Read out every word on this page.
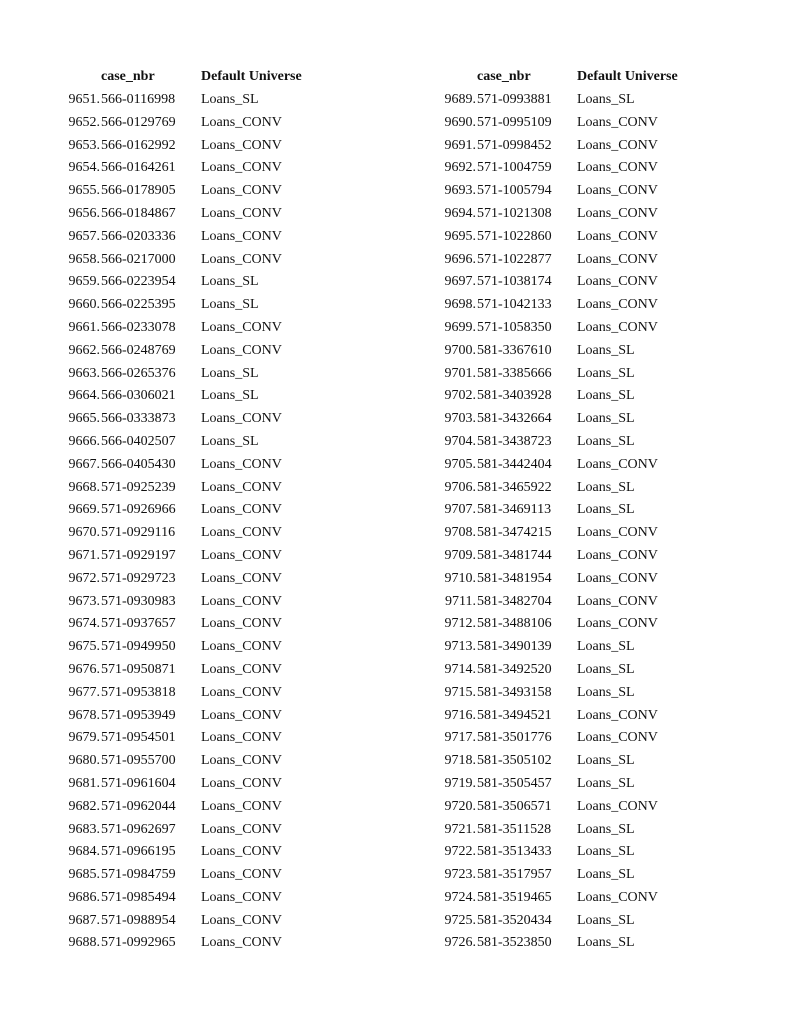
	case_nbr	Default Universe
9651.	566-0116998	Loans_SL
9652.	566-0129769	Loans_CONV
9653.	566-0162992	Loans_CONV
9654.	566-0164261	Loans_CONV
9655.	566-0178905	Loans_CONV
9656.	566-0184867	Loans_CONV
9657.	566-0203336	Loans_CONV
9658.	566-0217000	Loans_CONV
9659.	566-0223954	Loans_SL
9660.	566-0225395	Loans_SL
9661.	566-0233078	Loans_CONV
9662.	566-0248769	Loans_CONV
9663.	566-0265376	Loans_SL
9664.	566-0306021	Loans_SL
9665.	566-0333873	Loans_CONV
9666.	566-0402507	Loans_SL
9667.	566-0405430	Loans_CONV
9668.	571-0925239	Loans_CONV
9669.	571-0926966	Loans_CONV
9670.	571-0929116	Loans_CONV
9671.	571-0929197	Loans_CONV
9672.	571-0929723	Loans_CONV
9673.	571-0930983	Loans_CONV
9674.	571-0937657	Loans_CONV
9675.	571-0949950	Loans_CONV
9676.	571-0950871	Loans_CONV
9677.	571-0953818	Loans_CONV
9678.	571-0953949	Loans_CONV
9679.	571-0954501	Loans_CONV
9680.	571-0955700	Loans_CONV
9681.	571-0961604	Loans_CONV
9682.	571-0962044	Loans_CONV
9683.	571-0962697	Loans_CONV
9684.	571-0966195	Loans_CONV
9685.	571-0984759	Loans_CONV
9686.	571-0985494	Loans_CONV
9687.	571-0988954	Loans_CONV
9688.	571-0992965	Loans_CONV
	case_nbr	Default Universe
9689.	571-0993881	Loans_SL
9690.	571-0995109	Loans_CONV
9691.	571-0998452	Loans_CONV
9692.	571-1004759	Loans_CONV
9693.	571-1005794	Loans_CONV
9694.	571-1021308	Loans_CONV
9695.	571-1022860	Loans_CONV
9696.	571-1022877	Loans_CONV
9697.	571-1038174	Loans_CONV
9698.	571-1042133	Loans_CONV
9699.	571-1058350	Loans_CONV
9700.	581-3367610	Loans_SL
9701.	581-3385666	Loans_SL
9702.	581-3403928	Loans_SL
9703.	581-3432664	Loans_SL
9704.	581-3438723	Loans_SL
9705.	581-3442404	Loans_CONV
9706.	581-3465922	Loans_SL
9707.	581-3469113	Loans_SL
9708.	581-3474215	Loans_CONV
9709.	581-3481744	Loans_CONV
9710.	581-3481954	Loans_CONV
9711.	581-3482704	Loans_CONV
9712.	581-3488106	Loans_CONV
9713.	581-3490139	Loans_SL
9714.	581-3492520	Loans_SL
9715.	581-3493158	Loans_SL
9716.	581-3494521	Loans_CONV
9717.	581-3501776	Loans_CONV
9718.	581-3505102	Loans_SL
9719.	581-3505457	Loans_SL
9720.	581-3506571	Loans_CONV
9721.	581-3511528	Loans_SL
9722.	581-3513433	Loans_SL
9723.	581-3517957	Loans_SL
9724.	581-3519465	Loans_CONV
9725.	581-3520434	Loans_SL
9726.	581-3523850	Loans_SL
